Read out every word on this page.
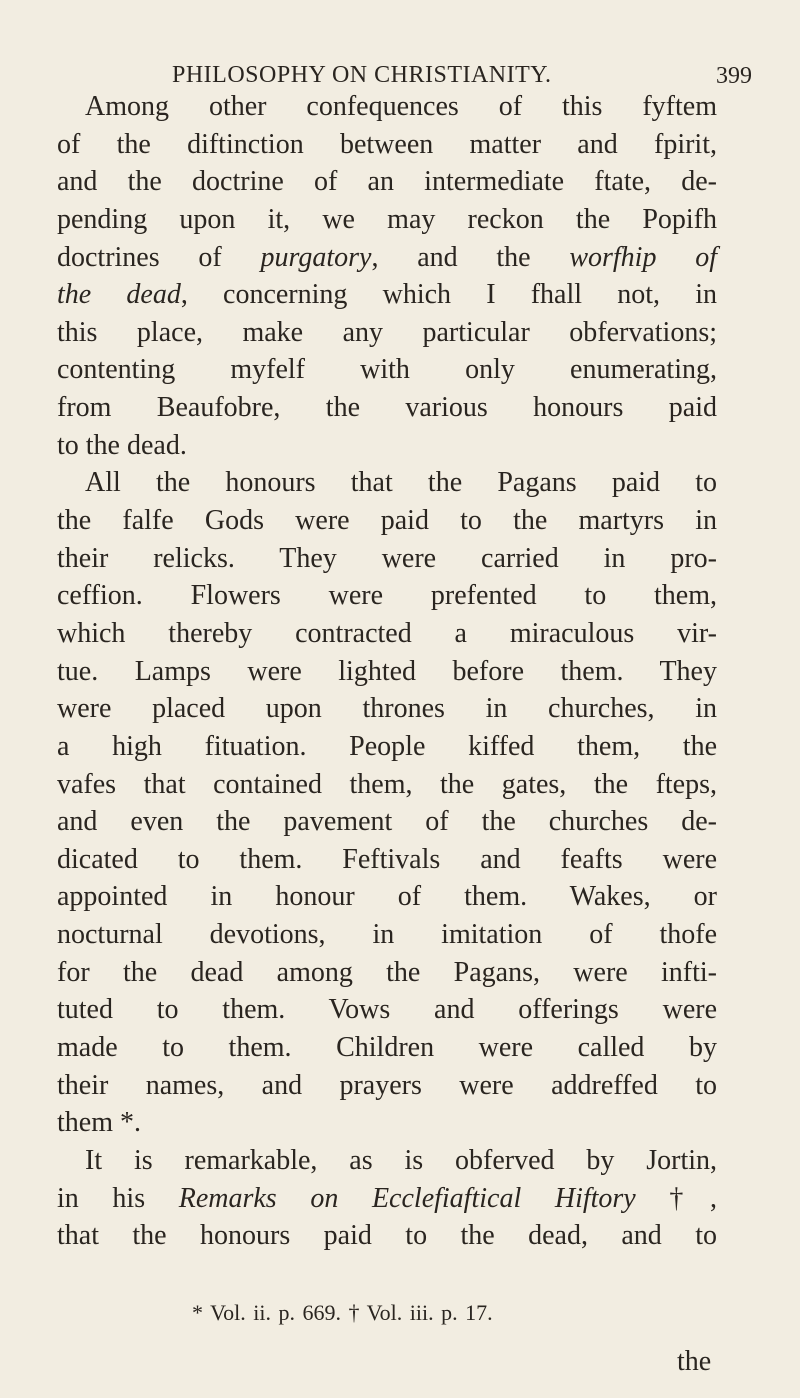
PHILOSOPHY ON CHRISTIANITY.	399
Among other confequences of this fyftem
of the diftinction between matter and fpirit,
and the doctrine of an intermediate ftate, de-
pending upon it, we may reckon the Popifh
doctrines of purgatory, and the worfhip of
the dead, concerning which I fhall not, in
this place, make any particular obfervations;
contenting myfelf with only enumerating,
from Beaufobre, the various honours paid
to the dead.
All the honours that the Pagans paid to
the falfe Gods were paid to the martyrs in
their relicks. They were carried in pro-
ceffion. Flowers were prefented to them,
which thereby contracted a miraculous vir-
tue. Lamps were lighted before them. They
were placed upon thrones in churches, in
a high fituation. People kiffed them, the
vafes that contained them, the gates, the fteps,
and even the pavement of the churches de-
dicated to them. Feftivals and feafts were
appointed in honour of them. Wakes, or
nocturnal devotions, in imitation of thofe
for the dead among the Pagans, were infti-
tuted to them. Vows and offerings were
made to them. Children were called by
their names, and prayers were addreffed to
them *.
It is remarkable, as is obferved by Jortin,
in his Remarks on Ecclefiaftical Hiftory †,
that the honours paid to the dead, and to
* Vol. ii. p. 669. † Vol. iii. p. 17.
the
